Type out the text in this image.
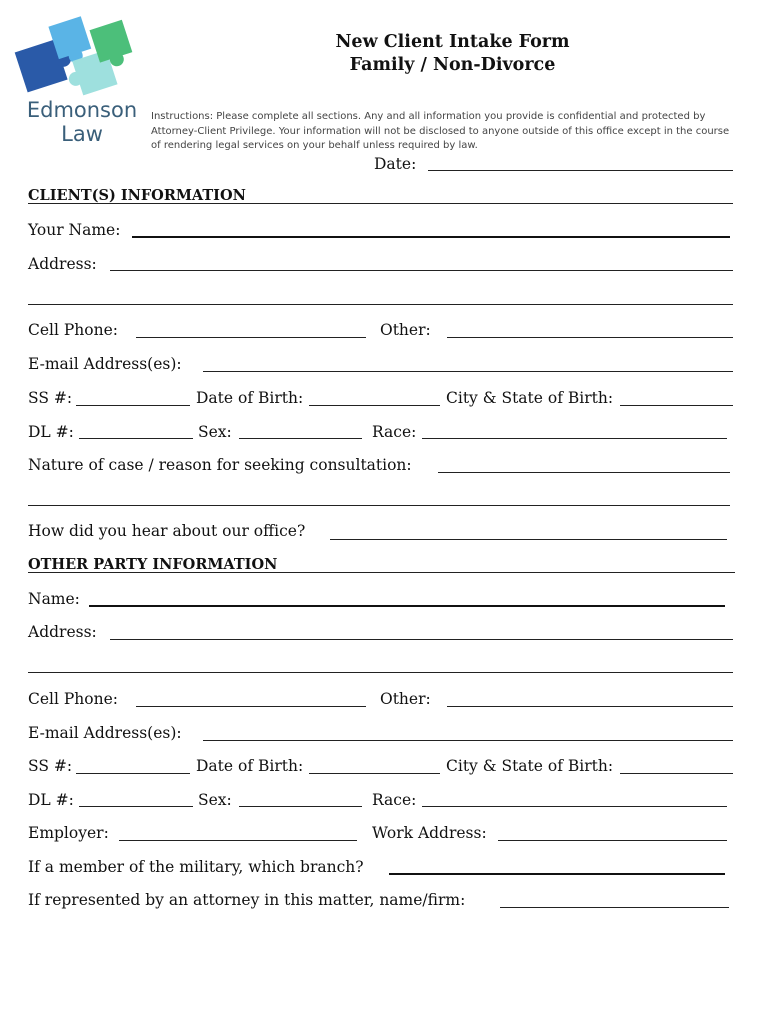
Edmonson
Law
New Client Intake Form
Family / Non-Divorce
Instructions: Please complete all sections. Any and all information you provide is confidential and protected by Attorney-Client Privilege. Your information will not be disclosed to anyone outside of this office except in the course of rendering legal services on your behalf unless required by law.
Date:
CLIENT(S) INFORMATION
Your Name:
Address:
Cell Phone:	Other:
E-mail Address(es):
SS #:	Date of Birth:	City & State of Birth:
DL #:	Sex:	Race:
Nature of case / reason for seeking consultation:
How did you hear about our office?
OTHER PARTY INFORMATION
Name:
Address:
Cell Phone:	Other:
E-mail Address(es):
SS #:	Date of Birth:	City & State of Birth:
DL #:	Sex:	Race:
Employer:	Work Address:
If a member of the military, which branch?
If represented by an attorney in this matter, name/firm:
